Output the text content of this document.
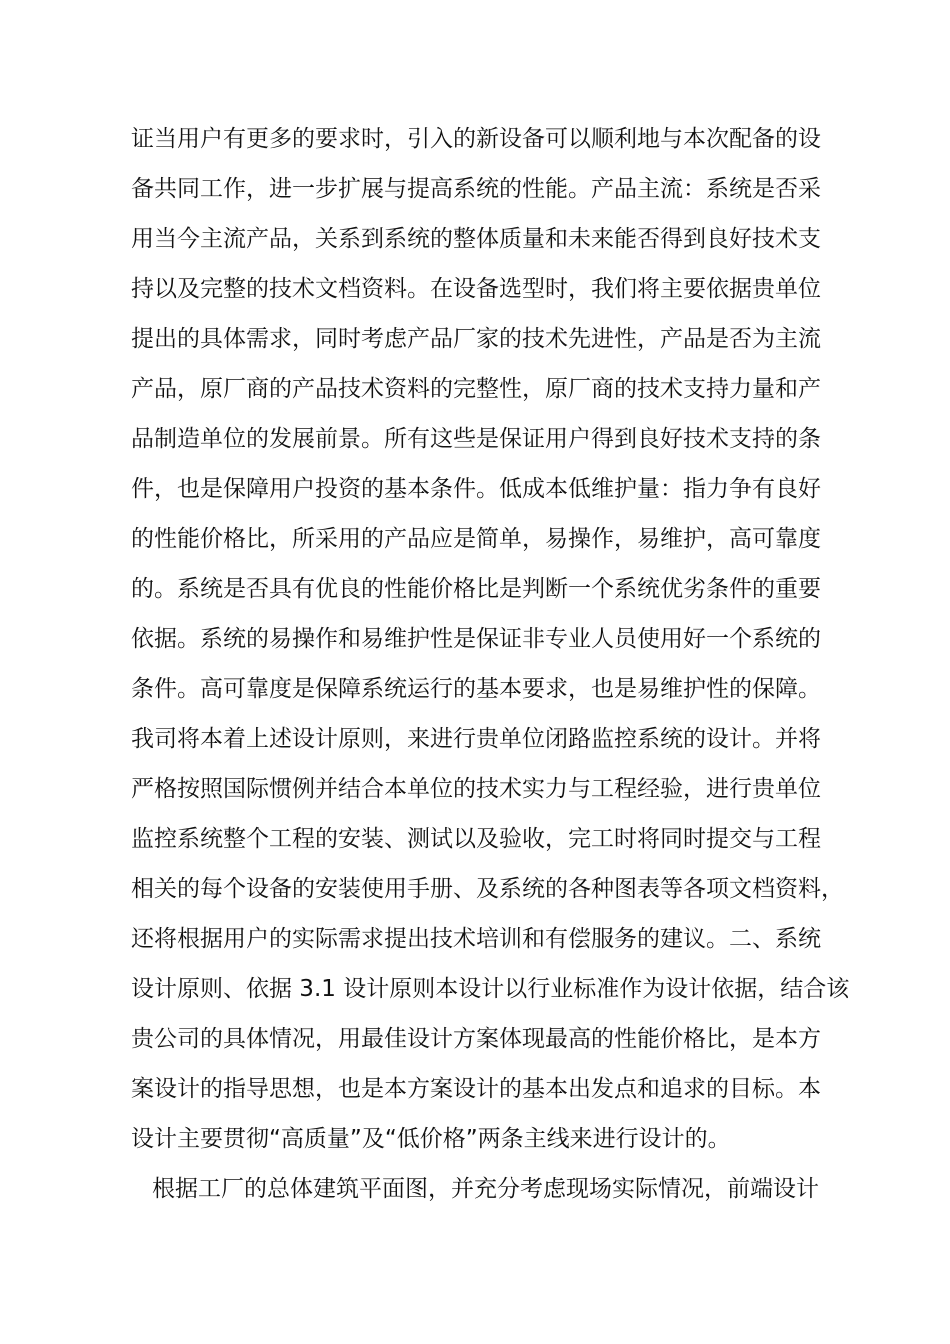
证当用户有更多的要求时，引入的新设备可以顺利地与本次配备的设
备共同工作，进一步扩展与提高系统的性能。产品主流：系统是否采
用当今主流产品，关系到系统的整体质量和未来能否得到良好技术支
持以及完整的技术文档资料。在设备选型时，我们将主要依据贵单位
提出的具体需求，同时考虑产品厂家的技术先进性，产品是否为主流
产品，原厂商的产品技术资料的完整性，原厂商的技术支持力量和产
品制造单位的发展前景。所有这些是保证用户得到良好技术支持的条
件，也是保障用户投资的基本条件。低成本低维护量：指力争有良好
的性能价格比，所采用的产品应是简单，易操作，易维护，高可靠度
的。系统是否具有优良的性能价格比是判断一个系统优劣条件的重要
依据。系统的易操作和易维护性是保证非专业人员使用好一个系统的
条件。高可靠度是保障系统运行的基本要求，也是易维护性的保障。
我司将本着上述设计原则，来进行贵单位闭路监控系统的设计。并将
严格按照国际惯例并结合本单位的技术实力与工程经验，进行贵单位
监控系统整个工程的安装、测试以及验收，完工时将同时提交与工程
相关的每个设备的安装使用手册、及系统的各种图表等各项文档资料，
还将根据用户的实际需求提出技术培训和有偿服务的建议。二、系统
设计原则、依据 3.1 设计原则本设计以行业标准作为设计依据，结合该
贵公司的具体情况，用最佳设计方案体现最高的性能价格比，是本方
案设计的指导思想，也是本方案设计的基本出发点和追求的目标。本
设计主要贯彻“高质量”及“低价格”两条主线来进行设计的。
根据工厂的总体建筑平面图，并充分考虑现场实际情况，前端设计
